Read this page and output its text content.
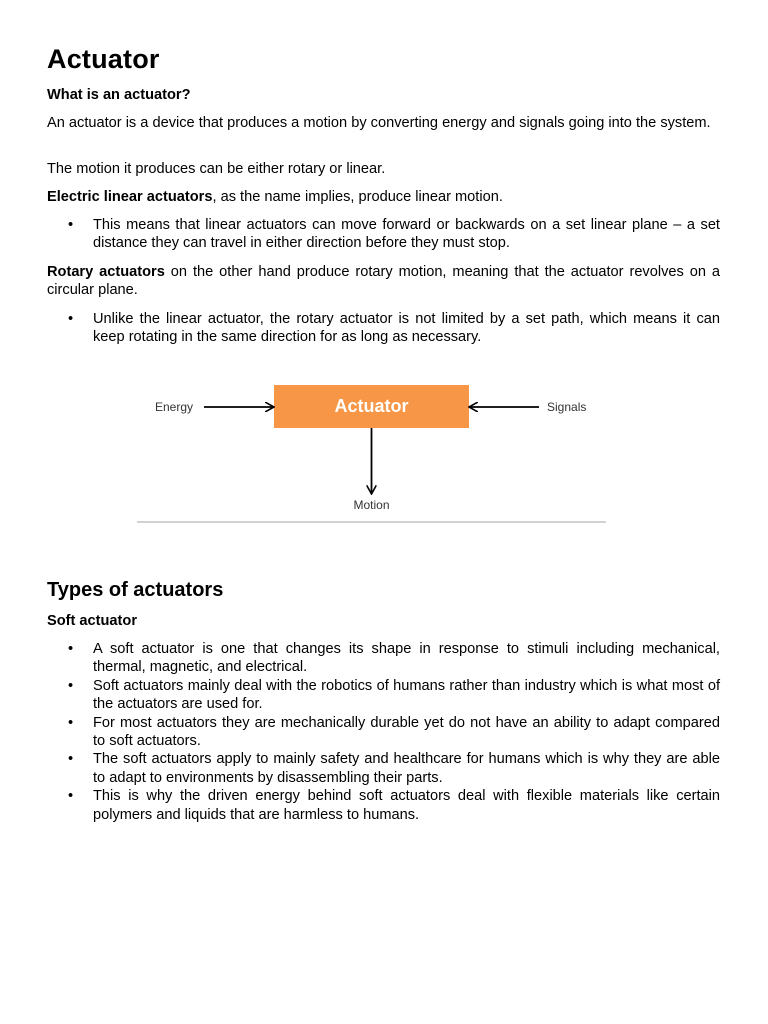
Actuator

What is an actuator?

An actuator is a device that produces a motion by converting energy and signals going into the system.

The motion it produces can be either rotary or linear.

Electric linear actuators, as the name implies, produce linear motion.

• This means that linear actuators can move forward or backwards on a set linear plane – a set distance they can travel in either direction before they must stop.

Rotary actuators on the other hand produce rotary motion, meaning that the actuator revolves on a circular plane.

• Unlike the linear actuator, the rotary actuator is not limited by a set path, which means it can keep rotating in the same direction for as long as necessary.
Types of actuators

Soft actuator

• A soft actuator is one that changes its shape in response to stimuli including mechanical, thermal, magnetic, and electrical.
• Soft actuators mainly deal with the robotics of humans rather than industry which is what most of the actuators are used for.
• For most actuators they are mechanically durable yet do not have an ability to adapt compared to soft actuators.
• The soft actuators apply to mainly safety and healthcare for humans which is why they are able to adapt to environments by disassembling their parts.
• This is why the driven energy behind soft actuators deal with flexible materials like certain polymers and liquids that are harmless to humans.
Actuator
Energy	Signals
Motion
